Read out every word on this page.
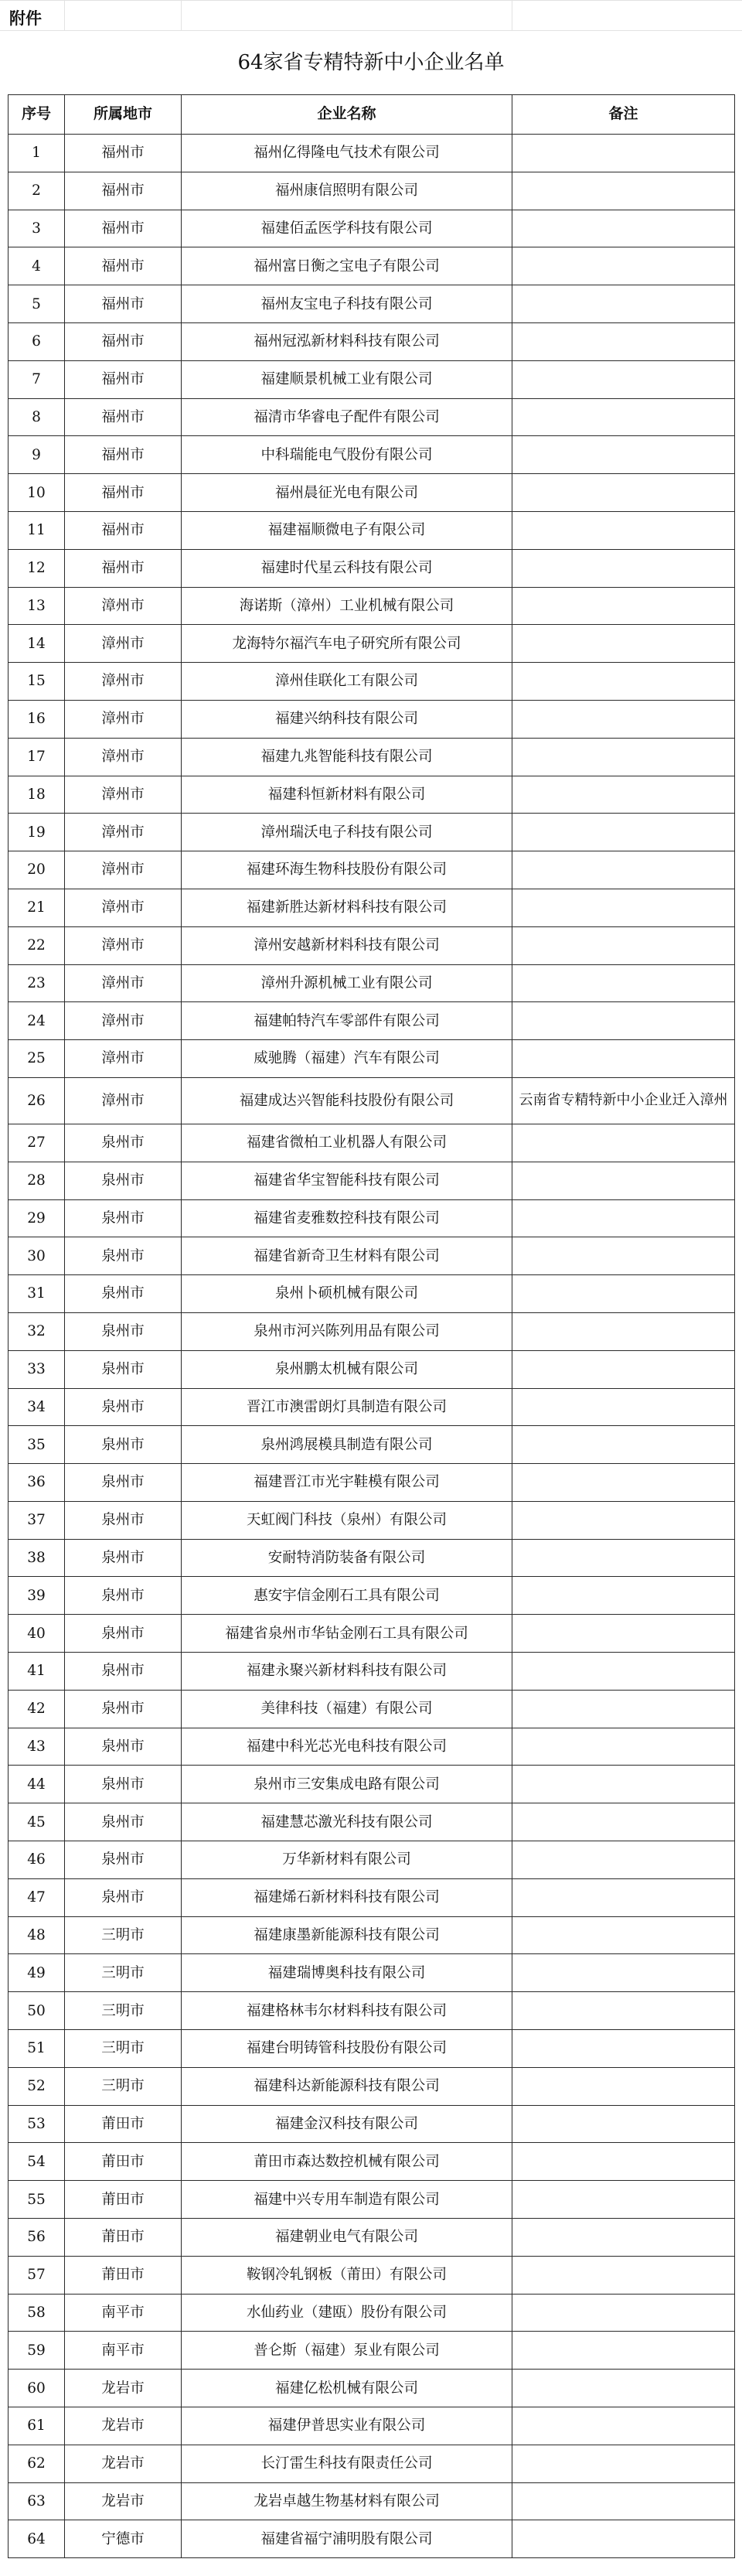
附件
64家省专精特新中小企业名单
序号	所属地市	企业名称	备注
1	福州市	福州亿得隆电气技术有限公司	
2	福州市	福州康信照明有限公司	
3	福州市	福建佰孟医学科技有限公司	
4	福州市	福州富日衡之宝电子有限公司	
5	福州市	福州友宝电子科技有限公司	
6	福州市	福州冠泓新材料科技有限公司	
7	福州市	福建顺景机械工业有限公司	
8	福州市	福清市华睿电子配件有限公司	
9	福州市	中科瑞能电气股份有限公司	
10	福州市	福州晨征光电有限公司	
11	福州市	福建福顺微电子有限公司	
12	福州市	福建时代星云科技有限公司	
13	漳州市	海诺斯（漳州）工业机械有限公司	
14	漳州市	龙海特尔福汽车电子研究所有限公司	
15	漳州市	漳州佳联化工有限公司	
16	漳州市	福建兴纳科技有限公司	
17	漳州市	福建九兆智能科技有限公司	
18	漳州市	福建科恒新材料有限公司	
19	漳州市	漳州瑞沃电子科技有限公司	
20	漳州市	福建环海生物科技股份有限公司	
21	漳州市	福建新胜达新材料科技有限公司	
22	漳州市	漳州安越新材料科技有限公司	
23	漳州市	漳州升源机械工业有限公司	
24	漳州市	福建帕特汽车零部件有限公司	
25	漳州市	威驰腾（福建）汽车有限公司	
26	漳州市	福建成达兴智能科技股份有限公司	云南省专精特新中小企业迁入漳州
27	泉州市	福建省微柏工业机器人有限公司	
28	泉州市	福建省华宝智能科技有限公司	
29	泉州市	福建省麦雅数控科技有限公司	
30	泉州市	福建省新奇卫生材料有限公司	
31	泉州市	泉州卜硕机械有限公司	
32	泉州市	泉州市河兴陈列用品有限公司	
33	泉州市	泉州鹏太机械有限公司	
34	泉州市	晋江市澳雷朗灯具制造有限公司	
35	泉州市	泉州鸿展模具制造有限公司	
36	泉州市	福建晋江市光宇鞋模有限公司	
37	泉州市	天虹阀门科技（泉州）有限公司	
38	泉州市	安耐特消防装备有限公司	
39	泉州市	惠安宇信金刚石工具有限公司	
40	泉州市	福建省泉州市华钻金刚石工具有限公司	
41	泉州市	福建永聚兴新材料科技有限公司	
42	泉州市	美律科技（福建）有限公司	
43	泉州市	福建中科光芯光电科技有限公司	
44	泉州市	泉州市三安集成电路有限公司	
45	泉州市	福建慧芯激光科技有限公司	
46	泉州市	万华新材料有限公司	
47	泉州市	福建烯石新材料科技有限公司	
48	三明市	福建康墨新能源科技有限公司	
49	三明市	福建瑞博奥科技有限公司	
50	三明市	福建格林韦尔材料科技有限公司	
51	三明市	福建台明铸管科技股份有限公司	
52	三明市	福建科达新能源科技有限公司	
53	莆田市	福建金汉科技有限公司	
54	莆田市	莆田市森达数控机械有限公司	
55	莆田市	福建中兴专用车制造有限公司	
56	莆田市	福建朝业电气有限公司	
57	莆田市	鞍钢冷轧钢板（莆田）有限公司	
58	南平市	水仙药业（建瓯）股份有限公司	
59	南平市	普仑斯（福建）泵业有限公司	
60	龙岩市	福建亿松机械有限公司	
61	龙岩市	福建伊普思实业有限公司	
62	龙岩市	长汀雷生科技有限责任公司	
63	龙岩市	龙岩卓越生物基材料有限公司	
64	宁德市	福建省福宁浦明股有限公司	
